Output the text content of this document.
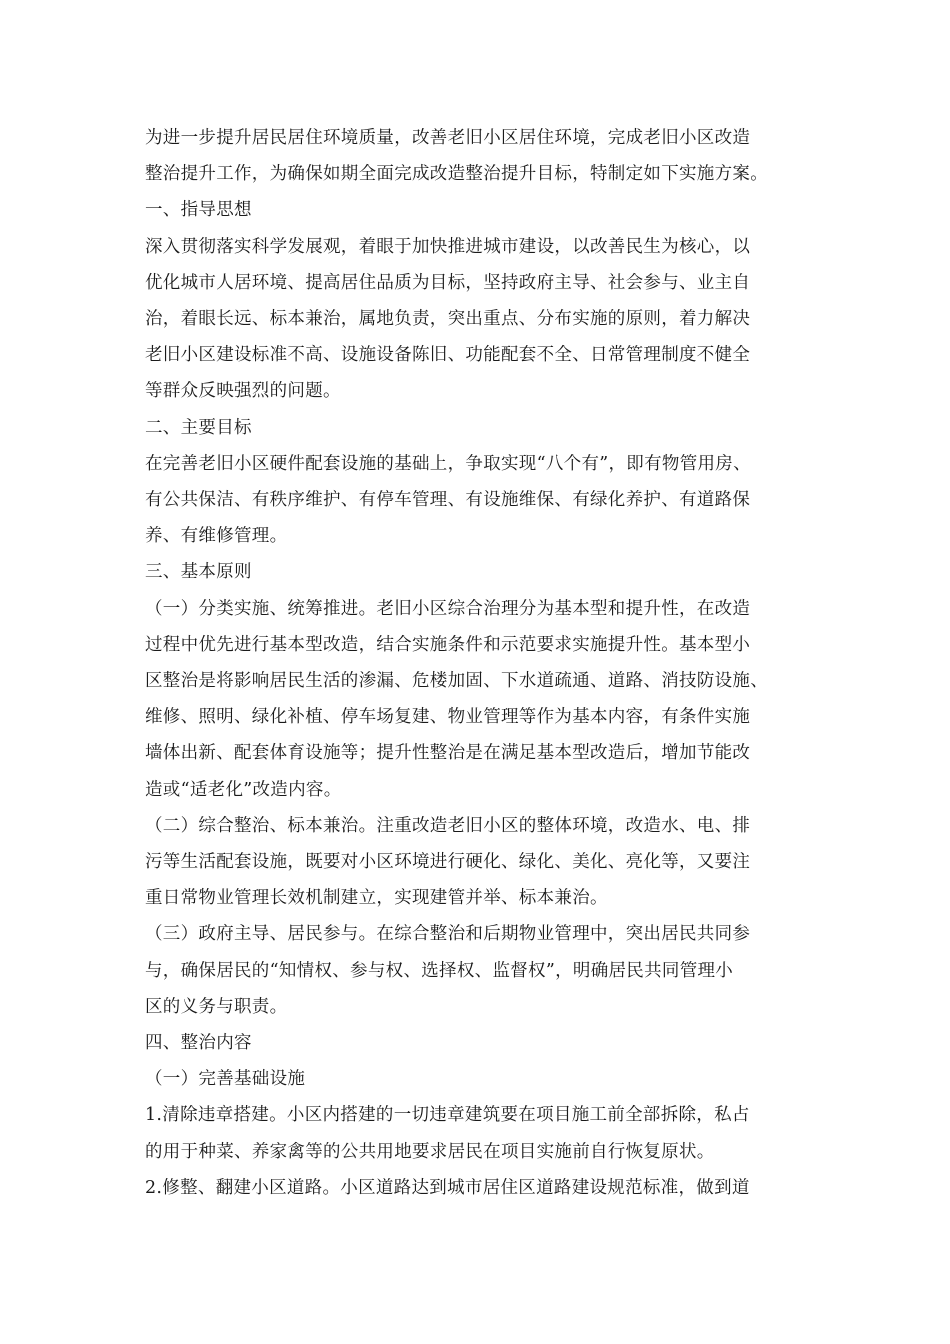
为进一步提升居民居住环境质量，改善老旧小区居住环境，完成老旧小区改造

整治提升工作，为确保如期全面完成改造整治提升目标，特制定如下实施方案。

一、指导思想

深入贯彻落实科学发展观，着眼于加快推进城市建设，以改善民生为核心，以

优化城市人居环境、提高居住品质为目标，坚持政府主导、社会参与、业主自

治，着眼长远、标本兼治，属地负责，突出重点、分布实施的原则，着力解决

老旧小区建设标准不高、设施设备陈旧、功能配套不全、日常管理制度不健全

等群众反映强烈的问题。

二、主要目标

在完善老旧小区硬件配套设施的基础上，争取实现“八个有”，即有物管用房、

有公共保洁、有秩序维护、有停车管理、有设施维保、有绿化养护、有道路保

养、有维修管理。

三、基本原则

（一）分类实施、统筹推进。老旧小区综合治理分为基本型和提升性，在改造

过程中优先进行基本型改造，结合实施条件和示范要求实施提升性。基本型小

区整治是将影响居民生活的渗漏、危楼加固、下水道疏通、道路、消技防设施、

维修、照明、绿化补植、停车场复建、物业管理等作为基本内容，有条件实施

墙体出新、配套体育设施等；提升性整治是在满足基本型改造后，增加节能改

造或“适老化”改造内容。

（二）综合整治、标本兼治。注重改造老旧小区的整体环境，改造水、电、排

污等生活配套设施，既要对小区环境进行硬化、绿化、美化、亮化等，又要注

重日常物业管理长效机制建立，实现建管并举、标本兼治。

（三）政府主导、居民参与。在综合整治和后期物业管理中，突出居民共同参

与，确保居民的“知情权、参与权、选择权、监督权”，明确居民共同管理小

区的义务与职责。

四、整治内容

（一）完善基础设施

1.清除违章搭建。小区内搭建的一切违章建筑要在项目施工前全部拆除，私占

的用于种菜、养家禽等的公共用地要求居民在项目实施前自行恢复原状。

2.修整、翻建小区道路。小区道路达到城市居住区道路建设规范标准，做到道
